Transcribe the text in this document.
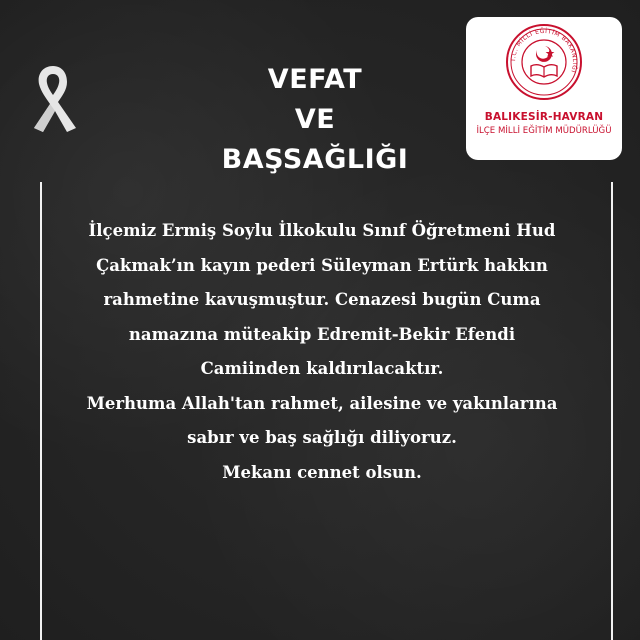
VEFAT
VE
BAŞSAĞLIĞI
T.C. MİLLİ EĞİTİM BAKANLIĞI
BALIKESİR-HAVRAN
İLÇE MİLLİ EĞİTİM MÜDÜRLÜĞÜ
İlçemiz Ermiş Soylu İlkokulu Sınıf Öğretmeni Hud
Çakmak’ın kayın pederi Süleyman Ertürk hakkın
rahmetine kavuşmuştur. Cenazesi bugün Cuma
namazına müteakip Edremit-Bekir Efendi
Camiinden kaldırılacaktır.
Merhuma Allah'tan rahmet, ailesine ve yakınlarına
sabır ve baş sağlığı diliyoruz.
Mekanı cennet olsun.
